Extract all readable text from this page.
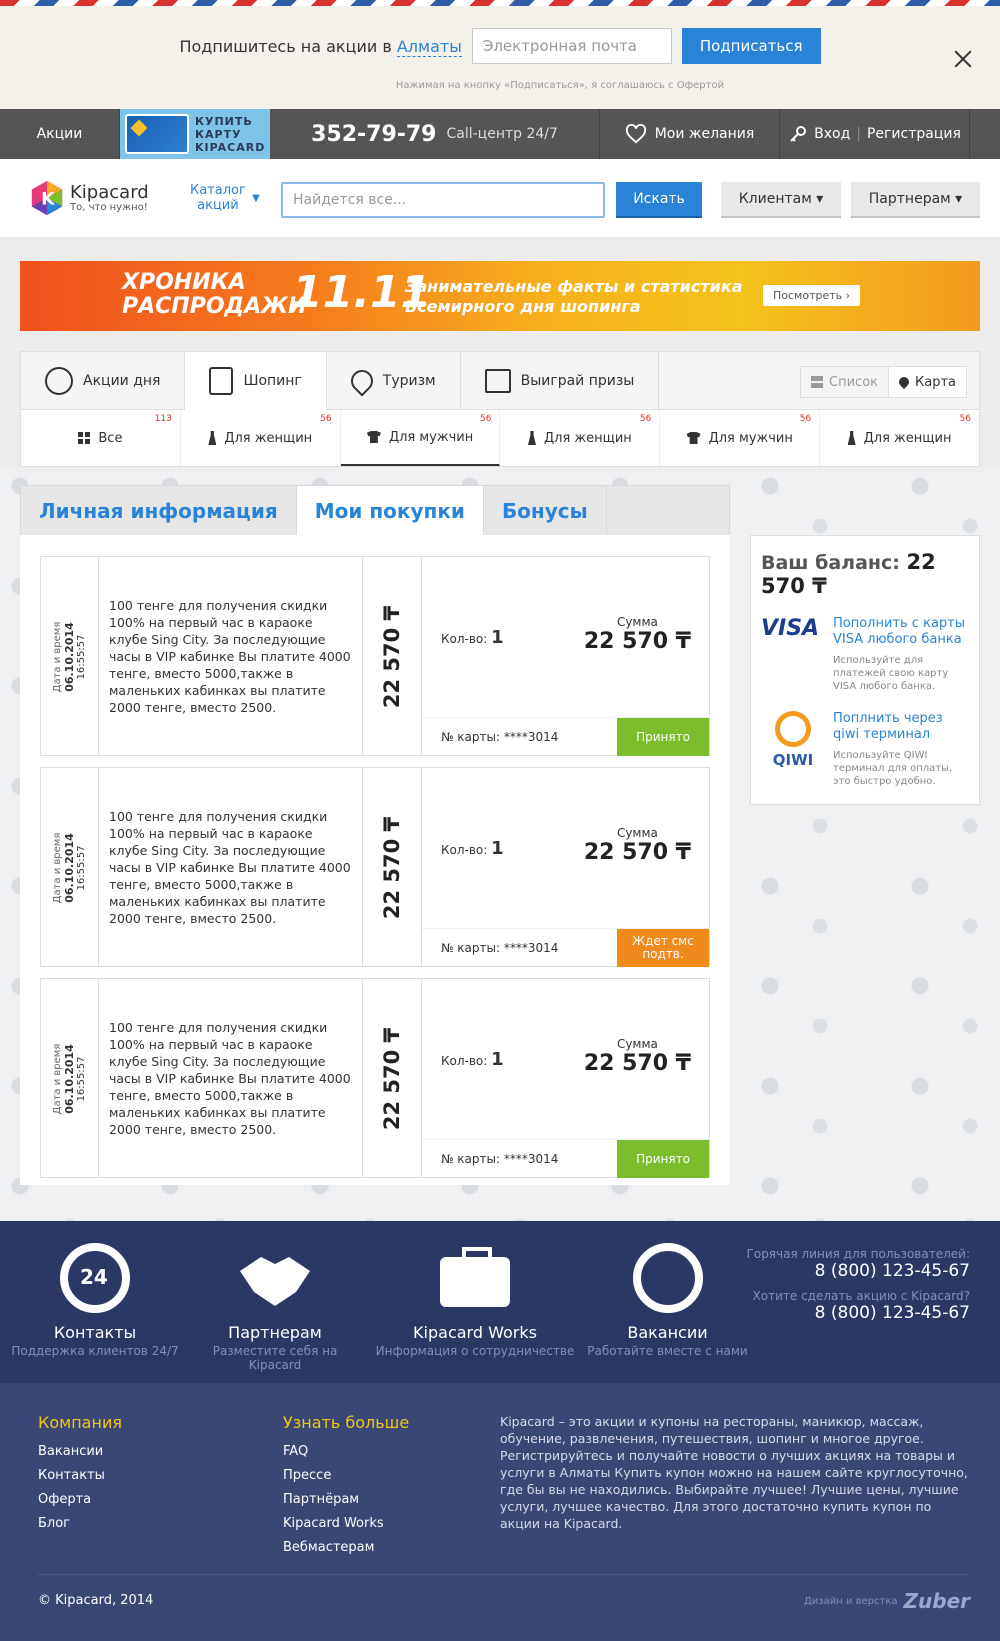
Подпишитесь на акции в Алматы
Электронная почта	Подписаться
Нажимая на кнопку «Подписаться», я соглашаюсь с Офертой
Акции
КУПИТЬ
КАРТУ
KIPACARD
352-79-79 Call-центр 24/7	Мои желания	Вход | Регистрация
K Kipacard
То, что нужно!
Каталог
акций ▼
Найдется все...	Искать	Клиентам ▾	Партнерам ▾
ХРОНИКА
РАСПРОДАЖИ
11.11
Занимательные факты и статистика
Всемирного дня шопинга
Посмотреть ›
Акции дня	Шопинг	Туризм	Выиграй призы	Список	Карта
Все
113
Для женщин
56
Для мужчин
56
Для женщин
56
Для мужчин
56
Для женщин
56
Личная информация	Мои покупки	Бонусы
Дата и время 06.10.2014 16:55:57
100 тенге для получения скидки 100% на первый час в караоке клубе Sing City. За последующие часы в VIP кабинке Вы платите 4000 тенге, вместо 5000,также в маленьких кабинках вы платите 2000 тенге, вместо 2500.	22 570 ₸	Кол-во: 1
Сумма
22 570 ₸
№ карты: ****3014	Принято
Дата и время 06.10.2014 16:55:57
100 тенге для получения скидки 100% на первый час в караоке клубе Sing City. За последующие часы в VIP кабинке Вы платите 4000 тенге, вместо 5000,также в маленьких кабинках вы платите 2000 тенге, вместо 2500.	22 570 ₸	Кол-во: 1
Сумма
22 570 ₸
№ карты: ****3014	Ждет смс подтв.
Дата и время 06.10.2014 16:55:57
100 тенге для получения скидки 100% на первый час в караоке клубе Sing City. За последующие часы в VIP кабинке Вы платите 4000 тенге, вместо 5000,также в маленьких кабинках вы платите 2000 тенге, вместо 2500.	22 570 ₸	Кол-во: 1
Сумма
22 570 ₸
№ карты: ****3014	Принято
Ваш баланс: 22 570 ₸
VISA	Пополнить с карты VISA любого банка
Используйте для платежей свою карту VISA любого банка.
QIWI
Поплнить через qiwi терминал
Используйте QIWI терминал для оплаты, это быстро удобно.
24
Контакты
Поддержка клиентов 24/7
Партнерам
Разместите себя на Kipacard
Kipacard Works
Информация о сотрудничестве
Вакансии
Работайте вместе с нами
Горячая линия для пользователей:
8 (800) 123-45-67
Хотите сделать акцию с Kipacard?
8 (800) 123-45-67
Компания
Вакансии
Контакты
Оферта
Блог
Узнать больше
FAQ
Прессе
Партнёрам
Kipacard Works
Вебмастерам
Kipacard – это акции и купоны на рестораны, маникюр, массаж, обучение, развлечения, путешествия, шопинг и многое другое. Регистрируйтесь и получайте новости о лучших акциях на товары и услуги в Алматы Купить купон можно на нашем сайте круглосуточно, где бы вы не находились. Выбирайте лучшее! Лучшие цены, лучшие услуги, лучшее качество. Для этого достаточно купить купон по акции на Kipacard.
© Kipacard, 2014	Дизайн и верстка Zuber
